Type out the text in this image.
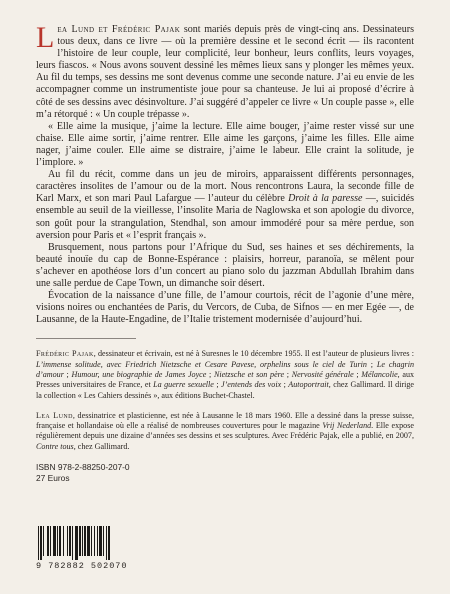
Lea Lund et Frédéric Pajak sont mariés depuis près de vingt-cinq ans. Dessinateurs tous deux, dans ce livre — où la première dessine et le second écrit — ils racontent l’histoire de leur couple, leur complicité, leur bonheur, leurs conflits, leurs voyages, leurs fiascos. « Nous avons souvent dessiné les mêmes lieux sans y plonger les mêmes yeux. Au fil du temps, ses dessins me sont devenus comme une seconde nature. J’ai eu envie de les accompagner comme un instrumentiste joue pour sa chanteuse. Je lui ai proposé d’écrire à côté de ses dessins avec désinvolture. J’ai suggéré d’appeler ce livre « Un couple passe », elle m’a rétorqué : « Un couple trépasse ».

« Elle aime la musique, j’aime la lecture. Elle aime bouger, j’aime rester vissé sur une chaise. Elle aime sortir, j’aime rentrer. Elle aime les garçons, j’aime les filles. Elle aime nager, j’aime couler. Elle aime se distraire, j’aime le labeur. Elle craint la solitude, je l’implore. »

Au fil du récit, comme dans un jeu de miroirs, apparaissent différents personnages, caractères insolites de l’amour ou de la mort. Nous rencontrons Laura, la seconde fille de Karl Marx, et son mari Paul Lafargue — l’auteur du célèbre Droit à la paresse —, suicidés ensemble au seuil de la vieillesse, l’insolite Maria de Naglowska et son apologie du divorce, son goût pour la strangulation, Stendhal, son amour immodéré pour sa mère perdue, son aversion pour Paris et « l’esprit français ».

Brusquement, nous partons pour l’Afrique du Sud, ses haines et ses déchirements, la beauté inouïe du cap de Bonne-Espérance : plaisirs, horreur, paranoïa, se mêlent pour s’achever en apothéose lors d’un concert au piano solo du jazzman Abdullah Ibrahim dans une salle perdue de Cape Town, un dimanche soir désert.

Évocation de la naissance d’une fille, de l’amour courtois, récit de l’agonie d’une mère, visions noires ou enchantées de Paris, du Vercors, de Cuba, de Sifnos — en mer Egée —, de Lausanne, de la Haute-Engadine, de l’Italie tristement modernisée d’aujourd’hui.

Frédéric Pajak, dessinateur et écrivain, est né à Suresnes le 10 décembre 1955. Il est l’auteur de plusieurs livres : L’immense solitude, avec Friedrich Nietzsche et Cesare Pavese, orphelins sous le ciel de Turin ; Le chagrin d’amour ; Humour, une biographie de James Joyce ; Nietzsche et son père ; Nervosité générale ; Mélancolie, aux Presses universitaires de France, et La guerre sexuelle ; J’entends des voix ; Autoportrait, chez Gallimard. Il dirige la collection « Les Cahiers dessinés », aux éditions Buchet-Chastel.

Lea Lund, dessinatrice et plasticienne, est née à Lausanne le 18 mars 1960. Elle a dessiné dans la presse suisse, française et hollandaise où elle a réalisé de nombreuses couvertures pour le magazine Vrij Nederland. Elle expose régulièrement depuis une dizaine d’années ses dessins et ses sculptures. Avec Frédéric Pajak, elle a publié, en 2007, Contre tous, chez Gallimard.

ISBN 978-2-88250-207-0
27 Euros
9 782882 502070
